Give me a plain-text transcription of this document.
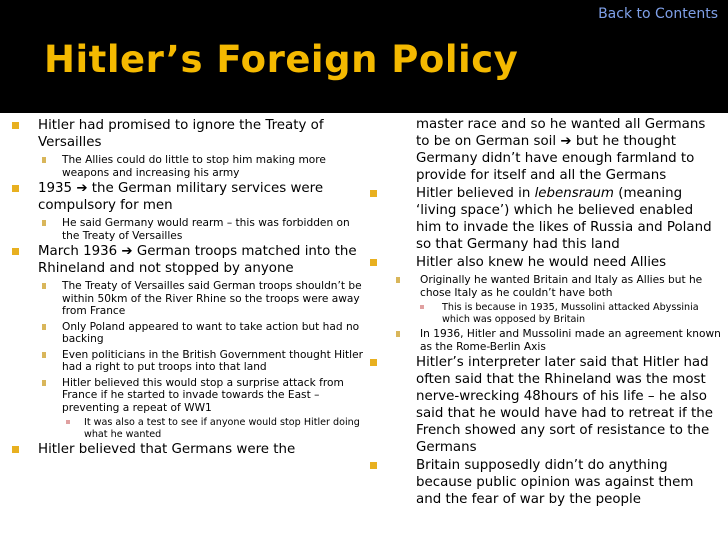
Back to Contents
Hitler’s Foreign Policy
Hitler had promised to ignore the Treaty of Versailles
The Allies could do little to stop him making more weapons and increasing his army
1935 ➔ the German military services were compulsory for men
He said Germany would rearm – this was forbidden on the Treaty of Versailles
March 1936 ➔ German troops matched into the Rhineland and not stopped by anyone
The Treaty of Versailles said German troops shouldn’t be within 50km of the River Rhine so the troops were away from France
Only Poland appeared to want to take action but had no backing
Even politicians in the British Government thought Hitler had a right to put troops into that land
Hitler believed this would stop a surprise attack from France if he started to invade towards the East – preventing a repeat of WW1
It was also a test to see if anyone would stop Hitler doing what he wanted
Hitler believed that Germans were the
master race and so he wanted all Germans to be on German soil ➔ but he thought Germany didn’t have enough farmland to provide for itself and all the Germans
Hitler believed in lebensraum (meaning ‘living space’) which he believed enabled him to invade the likes of Russia and Poland so that Germany had this land
Hitler also knew he would need Allies
Originally he wanted Britain and Italy as Allies but he chose Italy as he couldn’t have both
This is because in 1935, Mussolini attacked Abyssinia which was opposed by Britain
In 1936, Hitler and Mussolini made an agreement known as the Rome-Berlin Axis
Hitler’s interpreter later said that Hitler had often said that the Rhineland was the most nerve-wrecking 48hours of his life – he also said that he would have had to retreat if the French showed any sort of resistance to the Germans
Britain supposedly didn’t do anything because public opinion was against them and the fear of war by the people
